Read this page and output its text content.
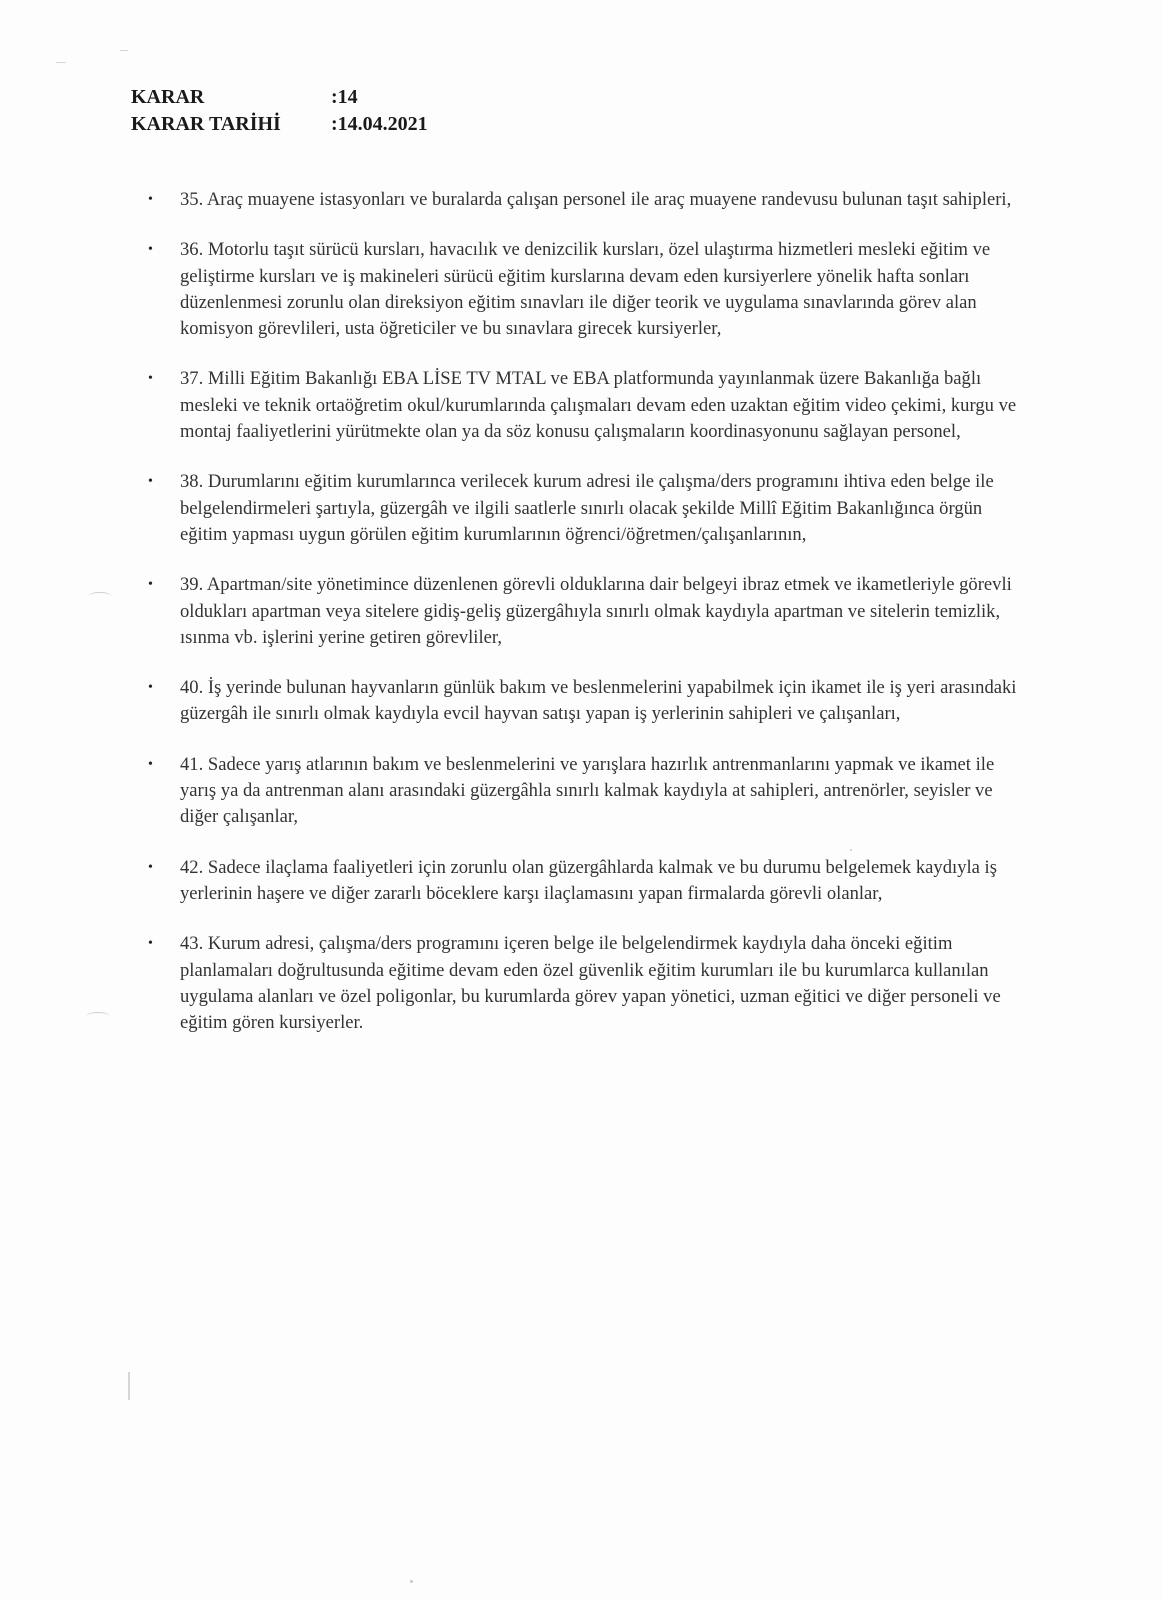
KARAR	:14
KARAR TARİHİ	:14.04.2021
• 35. Araç muayene istasyonları ve buralarda çalışan personel ile araç muayene randevusu bulunan taşıt sahipleri,
• 36. Motorlu taşıt sürücü kursları, havacılık ve denizcilik kursları, özel ulaştırma hizmetleri mesleki eğitim ve geliştirme kursları ve iş makineleri sürücü eğitim kurslarına devam eden kursiyerlere yönelik hafta sonları düzenlenmesi zorunlu olan direksiyon eğitim sınavları ile diğer teorik ve uygulama sınavlarında görev alan komisyon görevlileri, usta öğreticiler ve bu sınavlara girecek kursiyerler,
• 37. Milli Eğitim Bakanlığı EBA LİSE TV MTAL ve EBA platformunda yayınlanmak üzere Bakanlığa bağlı mesleki ve teknik ortaöğretim okul/kurumlarında çalışmaları devam eden uzaktan eğitim video çekimi, kurgu ve montaj faaliyetlerini yürütmekte olan ya da söz konusu çalışmaların koordinasyonunu sağlayan personel,
• 38. Durumlarını eğitim kurumlarınca verilecek kurum adresi ile çalışma/ders programını ihtiva eden belge ile belgelendirmeleri şartıyla, güzergâh ve ilgili saatlerle sınırlı olacak şekilde Millî Eğitim Bakanlığınca örgün eğitim yapması uygun görülen eğitim kurumlarının öğrenci/öğretmen/çalışanlarının,
• 39. Apartman/site yönetimince düzenlenen görevli olduklarına dair belgeyi ibraz etmek ve ikametleriyle görevli oldukları apartman veya sitelere gidiş-geliş güzergâhıyla sınırlı olmak kaydıyla apartman ve sitelerin temizlik, ısınma vb. işlerini yerine getiren görevliler,
• 40. İş yerinde bulunan hayvanların günlük bakım ve beslenmelerini yapabilmek için ikamet ile iş yeri arasındaki güzergâh ile sınırlı olmak kaydıyla evcil hayvan satışı yapan iş yerlerinin sahipleri ve çalışanları,
• 41. Sadece yarış atlarının bakım ve beslenmelerini ve yarışlara hazırlık antrenmanlarını yapmak ve ikamet ile yarış ya da antrenman alanı arasındaki güzergâhla sınırlı kalmak kaydıyla at sahipleri, antrenörler, seyisler ve diğer çalışanlar,
• 42. Sadece ilaçlama faaliyetleri için zorunlu olan güzergâhlarda kalmak ve bu durumu belgelemek kaydıyla iş yerlerinin haşere ve diğer zararlı böceklere karşı ilaçlamasını yapan firmalarda görevli olanlar,
• 43. Kurum adresi, çalışma/ders programını içeren belge ile belgelendirmek kaydıyla daha önceki eğitim planlamaları doğrultusunda eğitime devam eden özel güvenlik eğitim kurumları ile bu kurumlarca kullanılan uygulama alanları ve özel poligonlar, bu kurumlarda görev yapan yönetici, uzman eğitici ve diğer personeli ve eğitim gören kursiyerler.
